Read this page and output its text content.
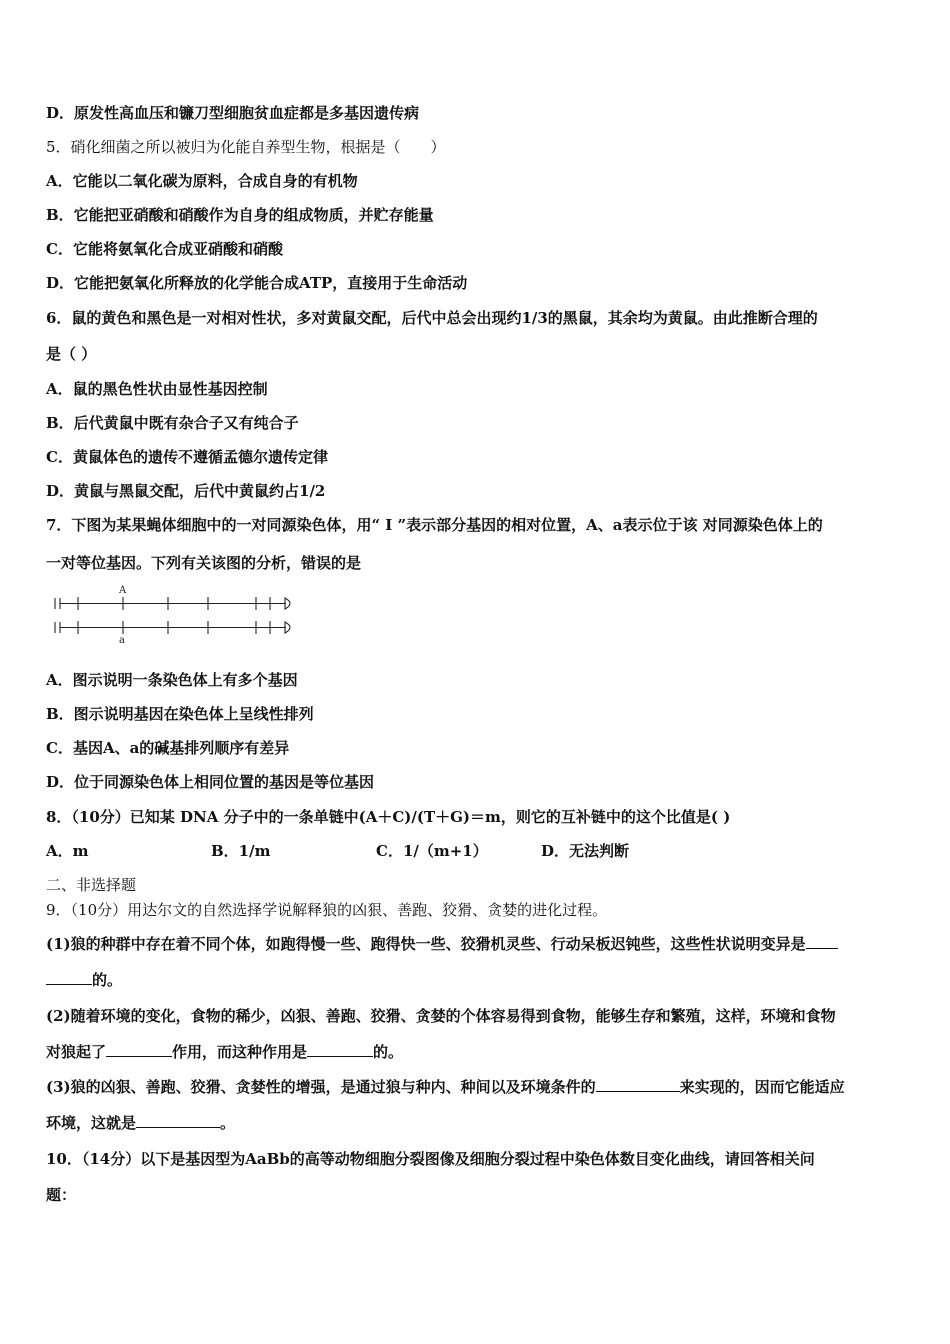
D．原发性高血压和镰刀型细胞贫血症都是多基因遗传病
5．硝化细菌之所以被归为化能自养型生物，根据是（　　）
A．它能以二氧化碳为原料，合成自身的有机物
B．它能把亚硝酸和硝酸作为自身的组成物质，并贮存能量
C．它能将氨氧化合成亚硝酸和硝酸
D．它能把氨氧化所释放的化学能合成ATP，直接用于生命活动
6．鼠的黄色和黑色是一对相对性状，多对黄鼠交配，后代中总会出现约1/3的黑鼠，其余均为黄鼠。由此推断合理的
是（ ）
A．鼠的黑色性状由显性基因控制
B．后代黄鼠中既有杂合子又有纯合子
C．黄鼠体色的遗传不遵循孟德尔遗传定律
D．黄鼠与黑鼠交配，后代中黄鼠约占1/2
7．下图为某果蝇体细胞中的一对同源染色体，用“ I ”表示部分基因的相对位置，A、a表示位于该 对同源染色体上的
一对等位基因。下列有关该图的分析，错误的是
A
a
A．图示说明一条染色体上有多个基因
B．图示说明基因在染色体上呈线性排列
C．基因A、a的碱基排列顺序有差异
D．位于同源染色体上相同位置的基因是等位基因
8．（10分）已知某 DNA 分子中的一条单链中(A＋C)/(T＋G)＝m，则它的互补链中的这个比值是( )
A．m	B．1/m	C．1/（m+1）	D．无法判断
二、非选择题
9．（10分）用达尔文的自然选择学说解释狼的凶狠、善跑、狡猾、贪婪的进化过程。
(1)狼的种群中存在着不同个体，如跑得慢一些、跑得快一些、狡猾机灵些、行动呆板迟钝些，这些性状说明变异是
的。
(2)随着环境的变化，食物的稀少，凶狠、善跑、狡猾、贪婪的个体容易得到食物，能够生存和繁殖，这样，环境和食物
对狼起了	作用，而这种作用是	的。
(3)狼的凶狠、善跑、狡猾、贪婪性的增强，是通过狼与种内、种间以及环境条件的	来实现的，因而它能适应
环境，这就是	。
10．（14分）以下是基因型为AaBb的高等动物细胞分裂图像及细胞分裂过程中染色体数目变化曲线，请回答相关问
题：
